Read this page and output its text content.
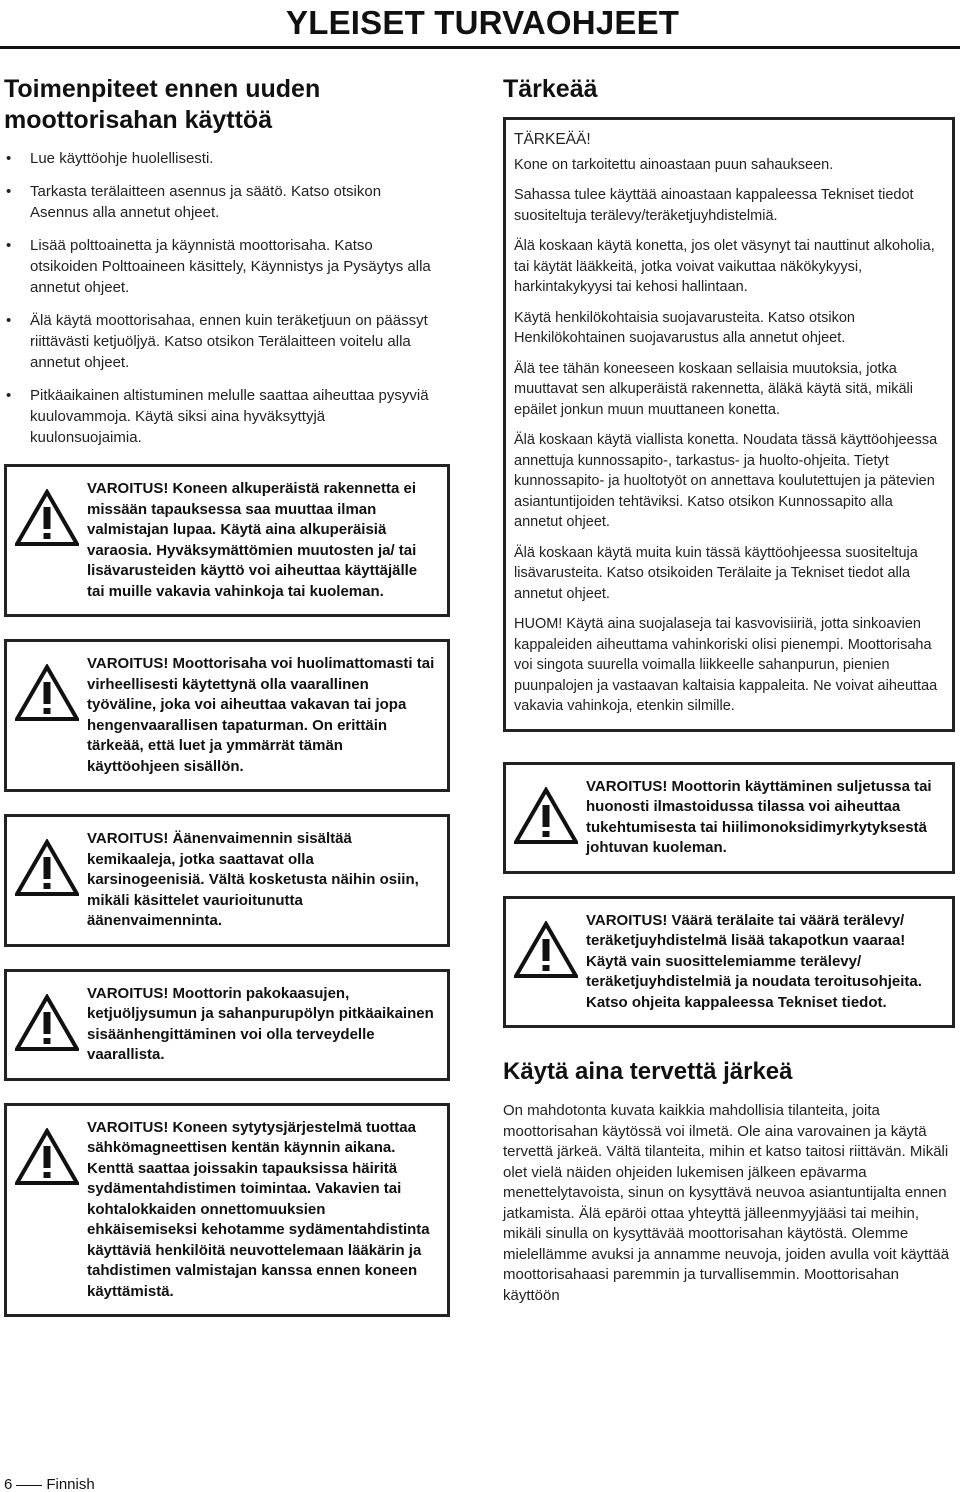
YLEISET TURVAOHJEET
Toimenpiteet ennen uuden moottorisahan käyttöä
• Lue käyttöohje huolellisesti.
• Tarkasta terälaitteen asennus ja säätö. Katso otsikon Asennus alla annetut ohjeet.
• Lisää polttoainetta ja käynnistä moottorisaha. Katso otsikoiden Polttoaineen käsittely, Käynnistys ja Pysäytys alla annetut ohjeet.
• Älä käytä moottorisahaa, ennen kuin teräketjuun on päässyt riittävästi ketjuöljyä. Katso otsikon Terälaitteen voitelu alla annetut ohjeet.
• Pitkäaikainen altistuminen melulle saattaa aiheuttaa pysyviä kuulovammoja. Käytä siksi aina hyväksyttyjä kuulonsuojaimia.
VAROITUS! Koneen alkuperäistä rakennetta ei missään tapauksessa saa muuttaa ilman valmistajan lupaa. Käytä aina alkuperäisiä varaosia. Hyväksymättömien muutosten ja/ tai lisävarusteiden käyttö voi aiheuttaa käyttäjälle tai muille vakavia vahinkoja tai kuoleman.
VAROITUS! Moottorisaha voi huolimattomasti tai virheellisesti käytettynä olla vaarallinen työväline, joka voi aiheuttaa vakavan tai jopa hengenvaarallisen tapaturman. On erittäin tärkeää, että luet ja ymmärrät tämän käyttöohjeen sisällön.
VAROITUS! Äänenvaimennin sisältää kemikaaleja, jotka saattavat olla karsinogeenisiä. Vältä kosketusta näihin osiin, mikäli käsittelet vaurioitunutta äänenvaimenninta.
VAROITUS! Moottorin pakokaasujen, ketjuöljysumun ja sahanpurupölyn pitkäaikainen sisäänhengittäminen voi olla terveydelle vaarallista.
VAROITUS! Koneen sytytysjärjestelmä tuottaa sähkömagneettisen kentän käynnin aikana. Kenttä saattaa joissakin tapauksissa häiritä sydämentahdistimen toimintaa. Vakavien tai kohtalokkaiden onnettomuuksien ehkäisemiseksi kehotamme sydämentahdistinta käyttäviä henkilöitä neuvottelemaan lääkärin ja tahdistimen valmistajan kanssa ennen koneen käyttämistä.
Tärkeää

TÄRKEÄÄ!

Kone on tarkoitettu ainoastaan puun sahaukseen.

Sahassa tulee käyttää ainoastaan kappaleessa Tekniset tiedot suositeltuja terälevy/teräketjuyhdistelmiä.

Älä koskaan käytä konetta, jos olet väsynyt tai nauttinut alkoholia, tai käytät lääkkeitä, jotka voivat vaikuttaa näkökykyysi, harkintakykyysi tai kehosi hallintaan.

Käytä henkilökohtaisia suojavarusteita. Katso otsikon Henkilökohtainen suojavarustus alla annetut ohjeet.

Älä tee tähän koneeseen koskaan sellaisia muutoksia, jotka muuttavat sen alkuperäistä rakennetta, äläkä käytä sitä, mikäli epäilet jonkun muun muuttaneen konetta.

Älä koskaan käytä viallista konetta. Noudata tässä käyttöohjeessa annettuja kunnossapito-, tarkastus- ja huolto-ohjeita. Tietyt kunnossapito- ja huoltotyöt on annettava koulutettujen ja pätevien asiantuntijoiden tehtäviksi. Katso otsikon Kunnossapito alla annetut ohjeet.

Älä koskaan käytä muita kuin tässä käyttöohjeessa suositeltuja lisävarusteita. Katso otsikoiden Terälaite ja Tekniset tiedot alla annetut ohjeet.

HUOM! Käytä aina suojalaseja tai kasvovisiiriä, jotta sinkoavien kappaleiden aiheuttama vahinkoriski olisi pienempi. Moottorisaha voi singota suurella voimalla liikkeelle sahanpurun, pienien puunpalojen ja vastaavan kaltaisia kappaleita. Ne voivat aiheuttaa vakavia vahinkoja, etenkin silmille.

VAROITUS! Moottorin käyttäminen suljetussa tai huonosti ilmastoidussa tilassa voi aiheuttaa tukehtumisesta tai hiilimonoksidimyrkytyksestä johtuvan kuoleman.
VAROITUS! Väärä terälaite tai väärä terälevy/ teräketjuyhdistelmä lisää takapotkun vaaraa! Käytä vain suosittelemiamme terälevy/ teräketjuyhdistelmiä ja noudata teroitusohjeita. Katso ohjeita kappaleessa Tekniset tiedot.
Käytä aina tervettä järkeä

On mahdotonta kuvata kaikkia mahdollisia tilanteita, joita moottorisahan käytössä voi ilmetä. Ole aina varovainen ja käytä tervettä järkeä. Vältä tilanteita, mihin et katso taitosi riittävän. Mikäli olet vielä näiden ohjeiden lukemisen jälkeen epävarma menettelytavoista, sinun on kysyttävä neuvoa asiantuntijalta ennen jatkamista. Älä epäröi ottaa yhteyttä jälleenmyyjääsi tai meihin, mikäli sinulla on kysyttävää moottorisahan käytöstä. Olemme mielellämme avuksi ja annamme neuvoja, joiden avulla voit käyttää moottorisahaasi paremmin ja turvallisemmin. Moottorisahan käyttöön

6 Finnish
